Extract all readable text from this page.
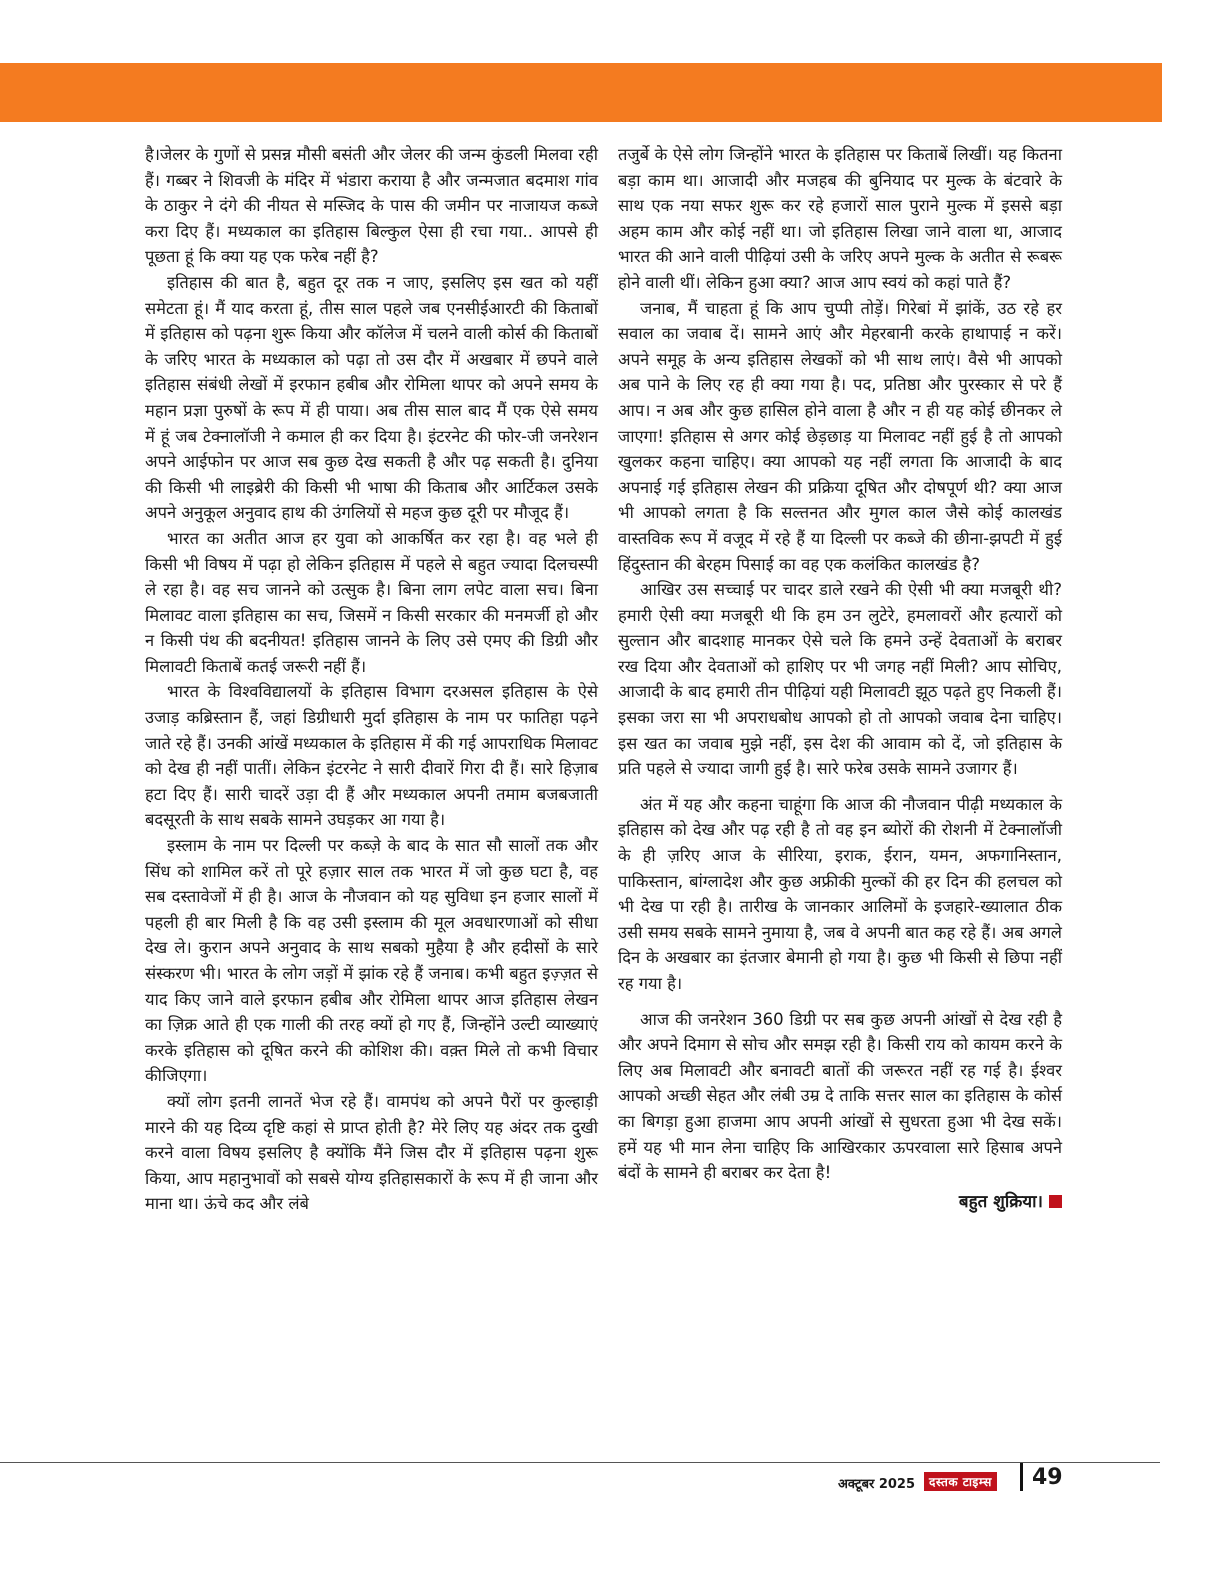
है।जेलर के गुणों से प्रसन्न मौसी बसंती और जेलर की जन्म कुंडली मिलवा रही हैं। गब्बर ने शिवजी के मंदिर में भंडारा कराया है और जन्मजात बदमाश गांव के ठाकुर ने दंगे की नीयत से मस्जिद के पास की जमीन पर नाजायज कब्जे करा दिए हैं। मध्यकाल का इतिहास बिल्कुल ऐसा ही रचा गया.. आपसे ही पूछता हूं कि क्या यह एक फरेब नहीं है?

इतिहास की बात है, बहुत दूर तक न जाए, इसलिए इस खत को यहीं समेटता हूं। मैं याद करता हूं, तीस साल पहले जब एनसीईआरटी की किताबों में इतिहास को पढ़ना शुरू किया और कॉलेज में चलने वाली कोर्स की किताबों के जरिए भारत के मध्यकाल को पढ़ा तो उस दौर में अखबार में छपने वाले इतिहास संबंधी लेखों में इरफान हबीब और रोमिला थापर को अपने समय के महान प्रज्ञा पुरुषों के रूप में ही पाया। अब तीस साल बाद मैं एक ऐसे समय में हूं जब टेक्नालॉजी ने कमाल ही कर दिया है। इंटरनेट की फोर-जी जनरेशन अपने आईफोन पर आज सब कुछ देख सकती है और पढ़ सकती है। दुनिया की किसी भी लाइब्रेरी की किसी भी भाषा की किताब और आर्टिकल उसके अपने अनुकूल अनुवाद हाथ की उंगलियों से महज कुछ दूरी पर मौजूद हैं।

भारत का अतीत आज हर युवा को आकर्षित कर रहा है। वह भले ही किसी भी विषय में पढ़ा हो लेकिन इतिहास में पहले से बहुत ज्यादा दिलचस्पी ले रहा है। वह सच जानने को उत्सुक है। बिना लाग लपेट वाला सच। बिना मिलावट वाला इतिहास का सच, जिसमें न किसी सरकार की मनमर्जी हो और न किसी पंथ की बदनीयत! इतिहास जानने के लिए उसे एमए की डिग्री और मिलावटी किताबें कतई जरूरी नहीं हैं।

भारत के विश्वविद्यालयों के इतिहास विभाग दरअसल इतिहास के ऐसे उजाड़ कब्रिस्तान हैं, जहां डिग्रीधारी मुर्दा इतिहास के नाम पर फातिहा पढ़ने जाते रहे हैं। उनकी आंखें मध्यकाल के इतिहास में की गई आपराधिक मिलावट को देख ही नहीं पातीं। लेकिन इंटरनेट ने सारी दीवारें गिरा दी हैं। सारे हिज़ाब हटा दिए हैं। सारी चादरें उड़ा दी हैं और मध्यकाल अपनी तमाम बजबजाती बदसूरती के साथ सबके सामने उघड़कर आ गया है।

इस्लाम के नाम पर दिल्ली पर कब्ज़े के बाद के सात सौ सालों तक और सिंध को शामिल करें तो पूरे हज़ार साल तक भारत में जो कुछ घटा है, वह सब दस्तावेजों में ही है। आज के नौजवान को यह सुविधा इन हजार सालों में पहली ही बार मिली है कि वह उसी इस्लाम की मूल अवधारणाओं को सीधा देख ले। कुरान अपने अनुवाद के साथ सबको मुहैया है और हदीसों के सारे संस्करण भी। भारत के लोग जड़ों में झांक रहे हैं जनाब। कभी बहुत इज़्ज़त से याद किए जाने वाले इरफान हबीब और रोमिला थापर आज इतिहास लेखन का ज़िक्र आते ही एक गाली की तरह क्यों हो गए हैं, जिन्होंने उल्टी व्याख्याएं करके इतिहास को दूषित करने की कोशिश की। वक़्त मिले तो कभी विचार कीजिएगा।

क्यों लोग इतनी लानतें भेज रहे हैं। वामपंथ को अपने पैरों पर कुल्हाड़ी मारने की यह दिव्य दृष्टि कहां से प्राप्त होती है? मेरे लिए यह अंदर तक दुखी करने वाला विषय इसलिए है क्योंकि मैंने जिस दौर में इतिहास पढ़ना शुरू किया, आप महानुभावों को सबसे योग्य इतिहासकारों के रूप में ही जाना और माना था। ऊंचे कद और लंबे

तजुर्बे के ऐसे लोग जिन्होंने भारत के इतिहास पर किताबें लिखीं। यह कितना बड़ा काम था। आजादी और मजहब की बुनियाद पर मुल्क के बंटवारे के साथ एक नया सफर शुरू कर रहे हजारों साल पुराने मुल्क में इससे बड़ा अहम काम और कोई नहीं था। जो इतिहास लिखा जाने वाला था, आजाद भारत की आने वाली पीढ़ियां उसी के जरिए अपने मुल्क के अतीत से रूबरू होने वाली थीं। लेकिन हुआ क्या? आज आप स्वयं को कहां पाते हैं?

जनाब, मैं चाहता हूं कि आप चुप्पी तोड़ें। गिरेबां में झांकें, उठ रहे हर सवाल का जवाब दें। सामने आएं और मेहरबानी करके हाथापाई न करें। अपने समूह के अन्य इतिहास लेखकों को भी साथ लाएं। वैसे भी आपको अब पाने के लिए रह ही क्या गया है। पद, प्रतिष्ठा और पुरस्कार से परे हैं आप। न अब और कुछ हासिल होने वाला है और न ही यह कोई छीनकर ले जाएगा! इतिहास से अगर कोई छेड़छाड़ या मिलावट नहीं हुई है तो आपको खुलकर कहना चाहिए। क्या आपको यह नहीं लगता कि आजादी के बाद अपनाई गई इतिहास लेखन की प्रक्रिया दूषित और दोषपूर्ण थी? क्या आज भी आपको लगता है कि सल्तनत और मुगल काल जैसे कोई कालखंड वास्तविक रूप में वजूद में रहे हैं या दिल्ली पर कब्जे की छीना-झपटी में हुई हिंदुस्तान की बेरहम पिसाई का वह एक कलंकित कालखंड है?

आखिर उस सच्चाई पर चादर डाले रखने की ऐसी भी क्या मजबूरी थी? हमारी ऐसी क्या मजबूरी थी कि हम उन लुटेरे, हमलावरों और हत्यारों को सुल्तान और बादशाह मानकर ऐसे चले कि हमने उन्हें देवताओं के बराबर रख दिया और देवताओं को हाशिए पर भी जगह नहीं मिली? आप सोचिए, आजादी के बाद हमारी तीन पीढ़ियां यही मिलावटी झूठ पढ़ते हुए निकली हैं। इसका जरा सा भी अपराधबोध आपको हो तो आपको जवाब देना चाहिए। इस खत का जवाब मुझे नहीं, इस देश की आवाम को दें, जो इतिहास के प्रति पहले से ज्यादा जागी हुई है। सारे फरेब उसके सामने उजागर हैं।

अंत में यह और कहना चाहूंगा कि आज की नौजवान पीढ़ी मध्यकाल के इतिहास को देख और पढ़ रही है तो वह इन ब्योरों की रोशनी में टेक्नालॉजी के ही ज़रिए आज के सीरिया, इराक, ईरान, यमन, अफगानिस्तान, पाकिस्तान, बांग्लादेश और कुछ अफ्रीकी मुल्कों की हर दिन की हलचल को भी देख पा रही है। तारीख के जानकार आलिमों के इजहारे-ख्यालात ठीक उसी समय सबके सामने नुमाया है, जब वे अपनी बात कह रहे हैं। अब अगले दिन के अखबार का इंतजार बेमानी हो गया है। कुछ भी किसी से छिपा नहीं रह गया है।

आज की जनरेशन 360 डिग्री पर सब कुछ अपनी आंखों से देख रही है और अपने दिमाग से सोच और समझ रही है। किसी राय को कायम करने के लिए अब मिलावटी और बनावटी बातों की जरूरत नहीं रह गई है। ईश्वर आपको अच्छी सेहत और लंबी उम्र दे ताकि सत्तर साल का इतिहास के कोर्स का बिगड़ा हुआ हाजमा आप अपनी आंखों से सुधरता हुआ भी देख सकें। हमें यह भी मान लेना चाहिए कि आखिरकार ऊपरवाला सारे हिसाब अपने बंदों के सामने ही बराबर कर देता है!

बहुत शुक्रिया।
अक्टूबर 2025	दस्तक टाइम्स 49
